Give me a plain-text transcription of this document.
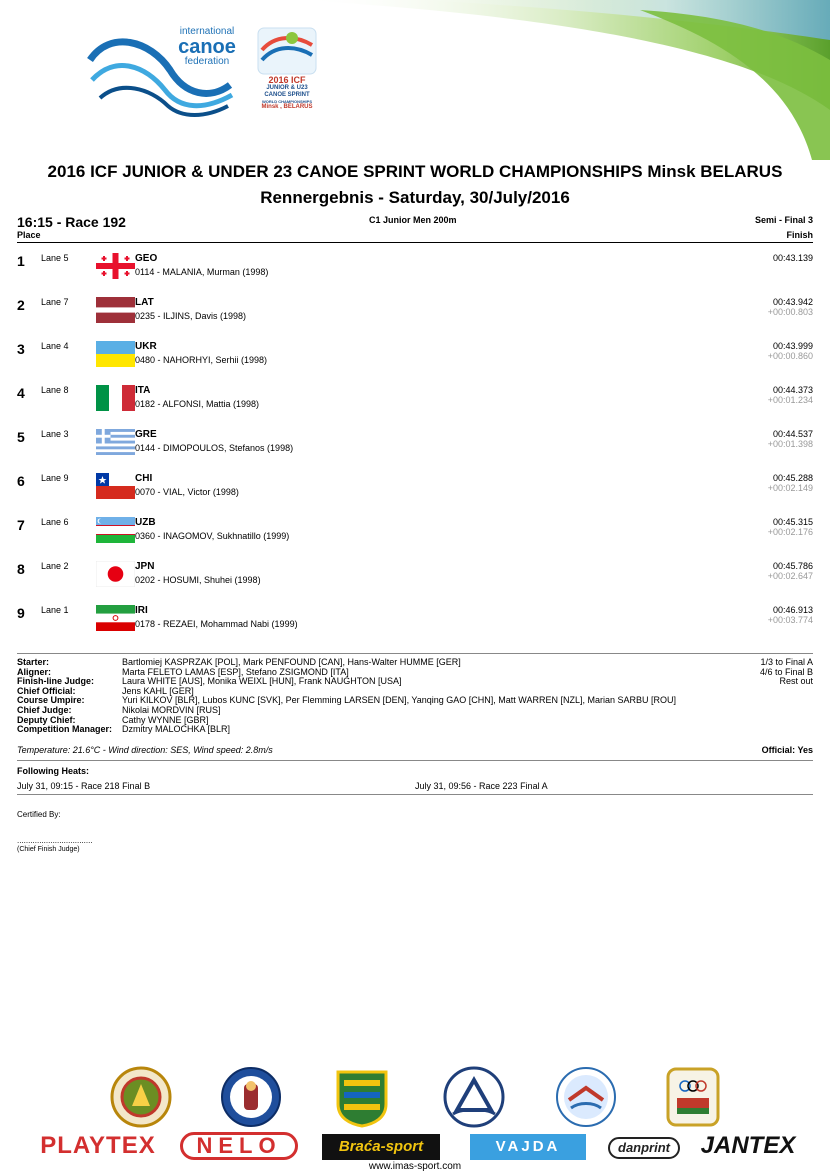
international
canoe
federation
2016 ICF
JUNIOR & U23
CANOE SPRINT
WORLD CHAMPIONSHIPS
Minsk , BELARUS
2016 ICF JUNIOR & UNDER 23 CANOE SPRINT WORLD CHAMPIONSHIPS Minsk BELARUS
Rennergebnis - Saturday, 30/July/2016
16:15 - Race 192
Place
C1 Junior Men 200m	Semi - Final 3
Finish
1 Lane 5	GEO
0114 - MALANIA, Murman (1998)
00:43.139
2 Lane 7	LAT
0235 - ILJINS, Davis (1998)
00:43.942
+00:00.803
3 Lane 4	UKR
0480 - NAHORHYI, Serhii (1998)
00:43.999
+00:00.860
4 Lane 8	ITA
0182 - ALFONSI, Mattia (1998)
00:44.373
+00:01.234
5 Lane 3	GRE
0144 - DIMOPOULOS, Stefanos (1998)
00:44.537
+00:01.398
6 Lane 9	CHI
0070 - VIAL, Victor (1998)
00:45.288
+00:02.149
7 Lane 6	UZB
0360 - INAGOMOV, Sukhnatillo (1999)
00:45.315
+00:02.176
8 Lane 2	JPN
0202 - HOSUMI, Shuhei (1998)
00:45.786
+00:02.647
9 Lane 1	IRI
0178 - REZAEI, Mohammad Nabi (1999)
00:46.913
+00:03.774
Starter:	Bartlomiej KASPRZAK [POL], Mark PENFOUND [CAN], Hans-Walter HUMME [GER]
Aligner:	Marta FELETO LAMAS [ESP], Stefano ZSIGMOND [ITA]
Finish-line Judge:	Laura WHITE [AUS], Monika WEIXL [HUN], Frank NAUGHTON [USA]
Chief Official:	Jens KAHL [GER]
Course Umpire:	Yuri KILKOV [BLR], Lubos KUNC [SVK], Per Flemming LARSEN [DEN], Yanqing GAO [CHN], Matt WARREN [NZL], Marian SARBU [ROU]
Chief Judge:	Nikolai MORDVIN [RUS]
Deputy Chief:	Cathy WYNNE [GBR]
Competition Manager: Dzmitry MALOCHKA [BLR]
1/3 to Final A
4/6 to Final B
Rest out
Temperature: 21.6°C - Wind direction: SES, Wind speed: 2.8m/s	Official: Yes
Following Heats:
July 31, 09:15 - Race 218 Final B	July 31, 09:56 - Race 223 Final A
Certified By:
..................................
(Chief Finish Judge)
PLAYTEX	NELO	Braća-sport	VAJDA	danprint	JANTEX
www.imas-sport.com
